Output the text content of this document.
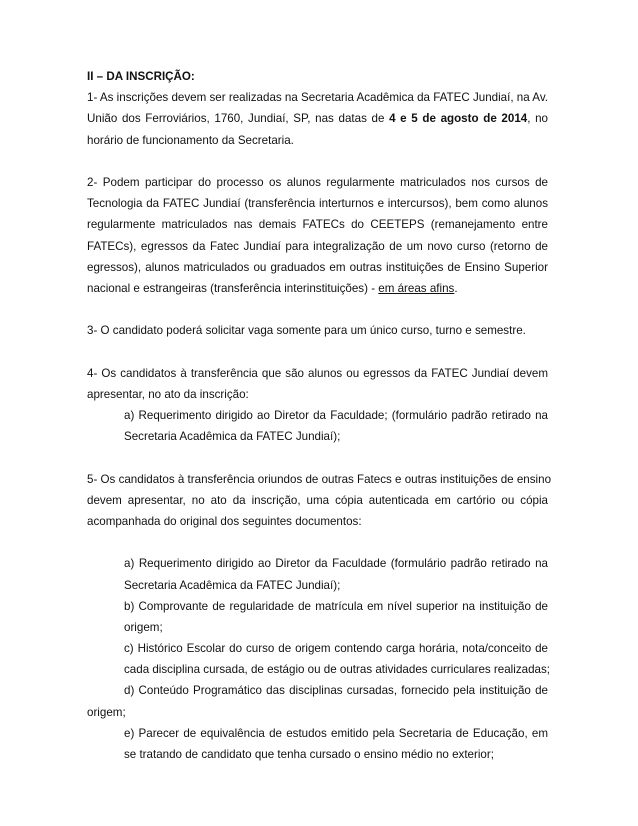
II – DA INSCRIÇÃO:
1- As inscrições devem ser realizadas na Secretaria Acadêmica da FATEC Jundiaí, na Av.
União dos Ferroviários, 1760, Jundiaí, SP, nas datas de 4 e 5 de agosto de 2014, no
horário de funcionamento da Secretaria.
2- Podem participar do processo os alunos regularmente matriculados nos cursos de
Tecnologia da FATEC Jundiaí (transferência interturnos e intercursos), bem como alunos
regularmente matriculados nas demais FATECs do CEETEPS (remanejamento entre
FATECs), egressos da Fatec Jundiaí para integralização de um novo curso (retorno de
egressos), alunos matriculados ou graduados em outras instituições de Ensino Superior
nacional e estrangeiras (transferência interinstituições) - em áreas afins.
3- O candidato poderá solicitar vaga somente para um único curso, turno e semestre.
4- Os candidatos à transferência que são alunos ou egressos da FATEC Jundiaí devem
apresentar, no ato da inscrição:
a) Requerimento dirigido ao Diretor da Faculdade; (formulário padrão retirado na
Secretaria Acadêmica da FATEC Jundiaí);
5- Os candidatos à transferência oriundos de outras Fatecs e outras instituições de ensino
devem apresentar, no ato da inscrição, uma cópia autenticada em cartório ou cópia
acompanhada do original dos seguintes documentos:
a) Requerimento dirigido ao Diretor da Faculdade (formulário padrão retirado na
Secretaria Acadêmica da FATEC Jundiaí);
b) Comprovante de regularidade de matrícula em nível superior na instituição de
origem;
c) Histórico Escolar do curso de origem contendo carga horária, nota/conceito de
cada disciplina cursada, de estágio ou de outras atividades curriculares realizadas;
d) Conteúdo Programático das disciplinas cursadas, fornecido pela instituição de
origem;
e) Parecer de equivalência de estudos emitido pela Secretaria de Educação, em
se tratando de candidato que tenha cursado o ensino médio no exterior;
